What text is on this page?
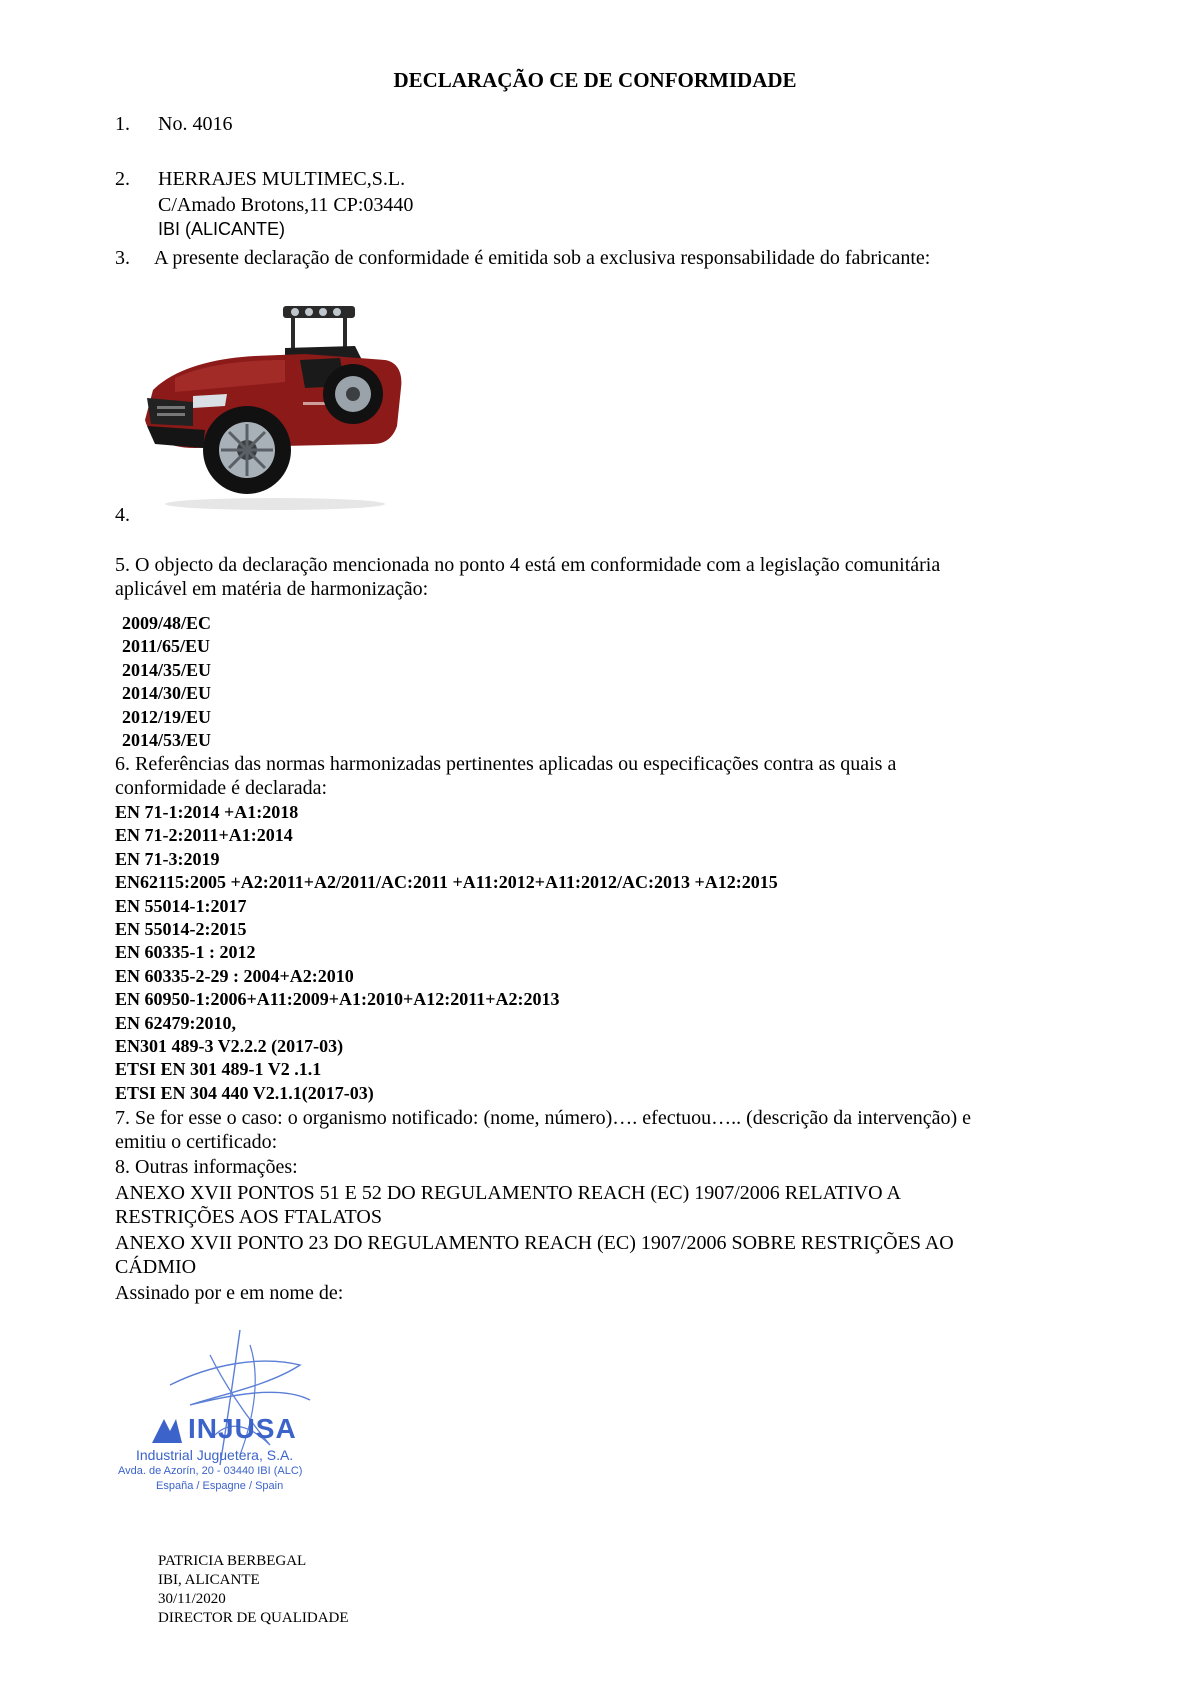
DECLARAÇÃO CE DE CONFORMIDADE
1. No. 4016
2. HERRAJES MULTIMEC,S.L.
C/Amado Brotons,11 CP:03440
IBI (ALICANTE)
3. A presente declaração de conformidade é emitida sob a exclusiva responsabilidade do fabricante:
4.
5. O objecto da declaração mencionada no ponto 4 está em conformidade com a legislação comunitária
aplicável em matéria de harmonização:
2009/48/EC
2011/65/EU
2014/35/EU
2014/30/EU
2012/19/EU
2014/53/EU
6. Referências das normas harmonizadas pertinentes aplicadas ou especificações contra as quais a
conformidade é declarada:
EN 71-1:2014 +A1:2018
EN 71-2:2011+A1:2014
EN 71-3:2019
EN62115:2005 +A2:2011+A2/2011/AC:2011 +A11:2012+A11:2012/AC:2013 +A12:2015
EN 55014-1:2017
EN 55014-2:2015
EN 60335-1 : 2012
EN 60335-2-29 : 2004+A2:2010
EN 60950-1:2006+A11:2009+A1:2010+A12:2011+A2:2013
EN 62479:2010,
EN301 489-3 V2.2.2 (2017-03)
ETSI EN 301 489-1 V2 .1.1
ETSI EN 304 440 V2.1.1(2017-03)
7. Se for esse o caso: o organismo notificado: (nome, número)…. efectuou….. (descrição da intervenção) e
emitiu o certificado:
8. Outras informações:
ANEXO XVII PONTOS 51 E 52 DO REGULAMENTO REACH (EC) 1907/2006 RELATIVO A
RESTRIÇÕES AOS FTALATOS
ANEXO XVII PONTO 23 DO REGULAMENTO REACH (EC) 1907/2006 SOBRE RESTRIÇÕES AO
CÁDMIO
Assinado por e em nome de:
INJUSA
Industrial Juguetera, S.A.
Avda. de Azorín, 20 - 03440 IBI (ALC)
España / Espagne / Spain
PATRICIA BERBEGAL
IBI, ALICANTE
30/11/2020
DIRECTOR DE QUALIDADE
